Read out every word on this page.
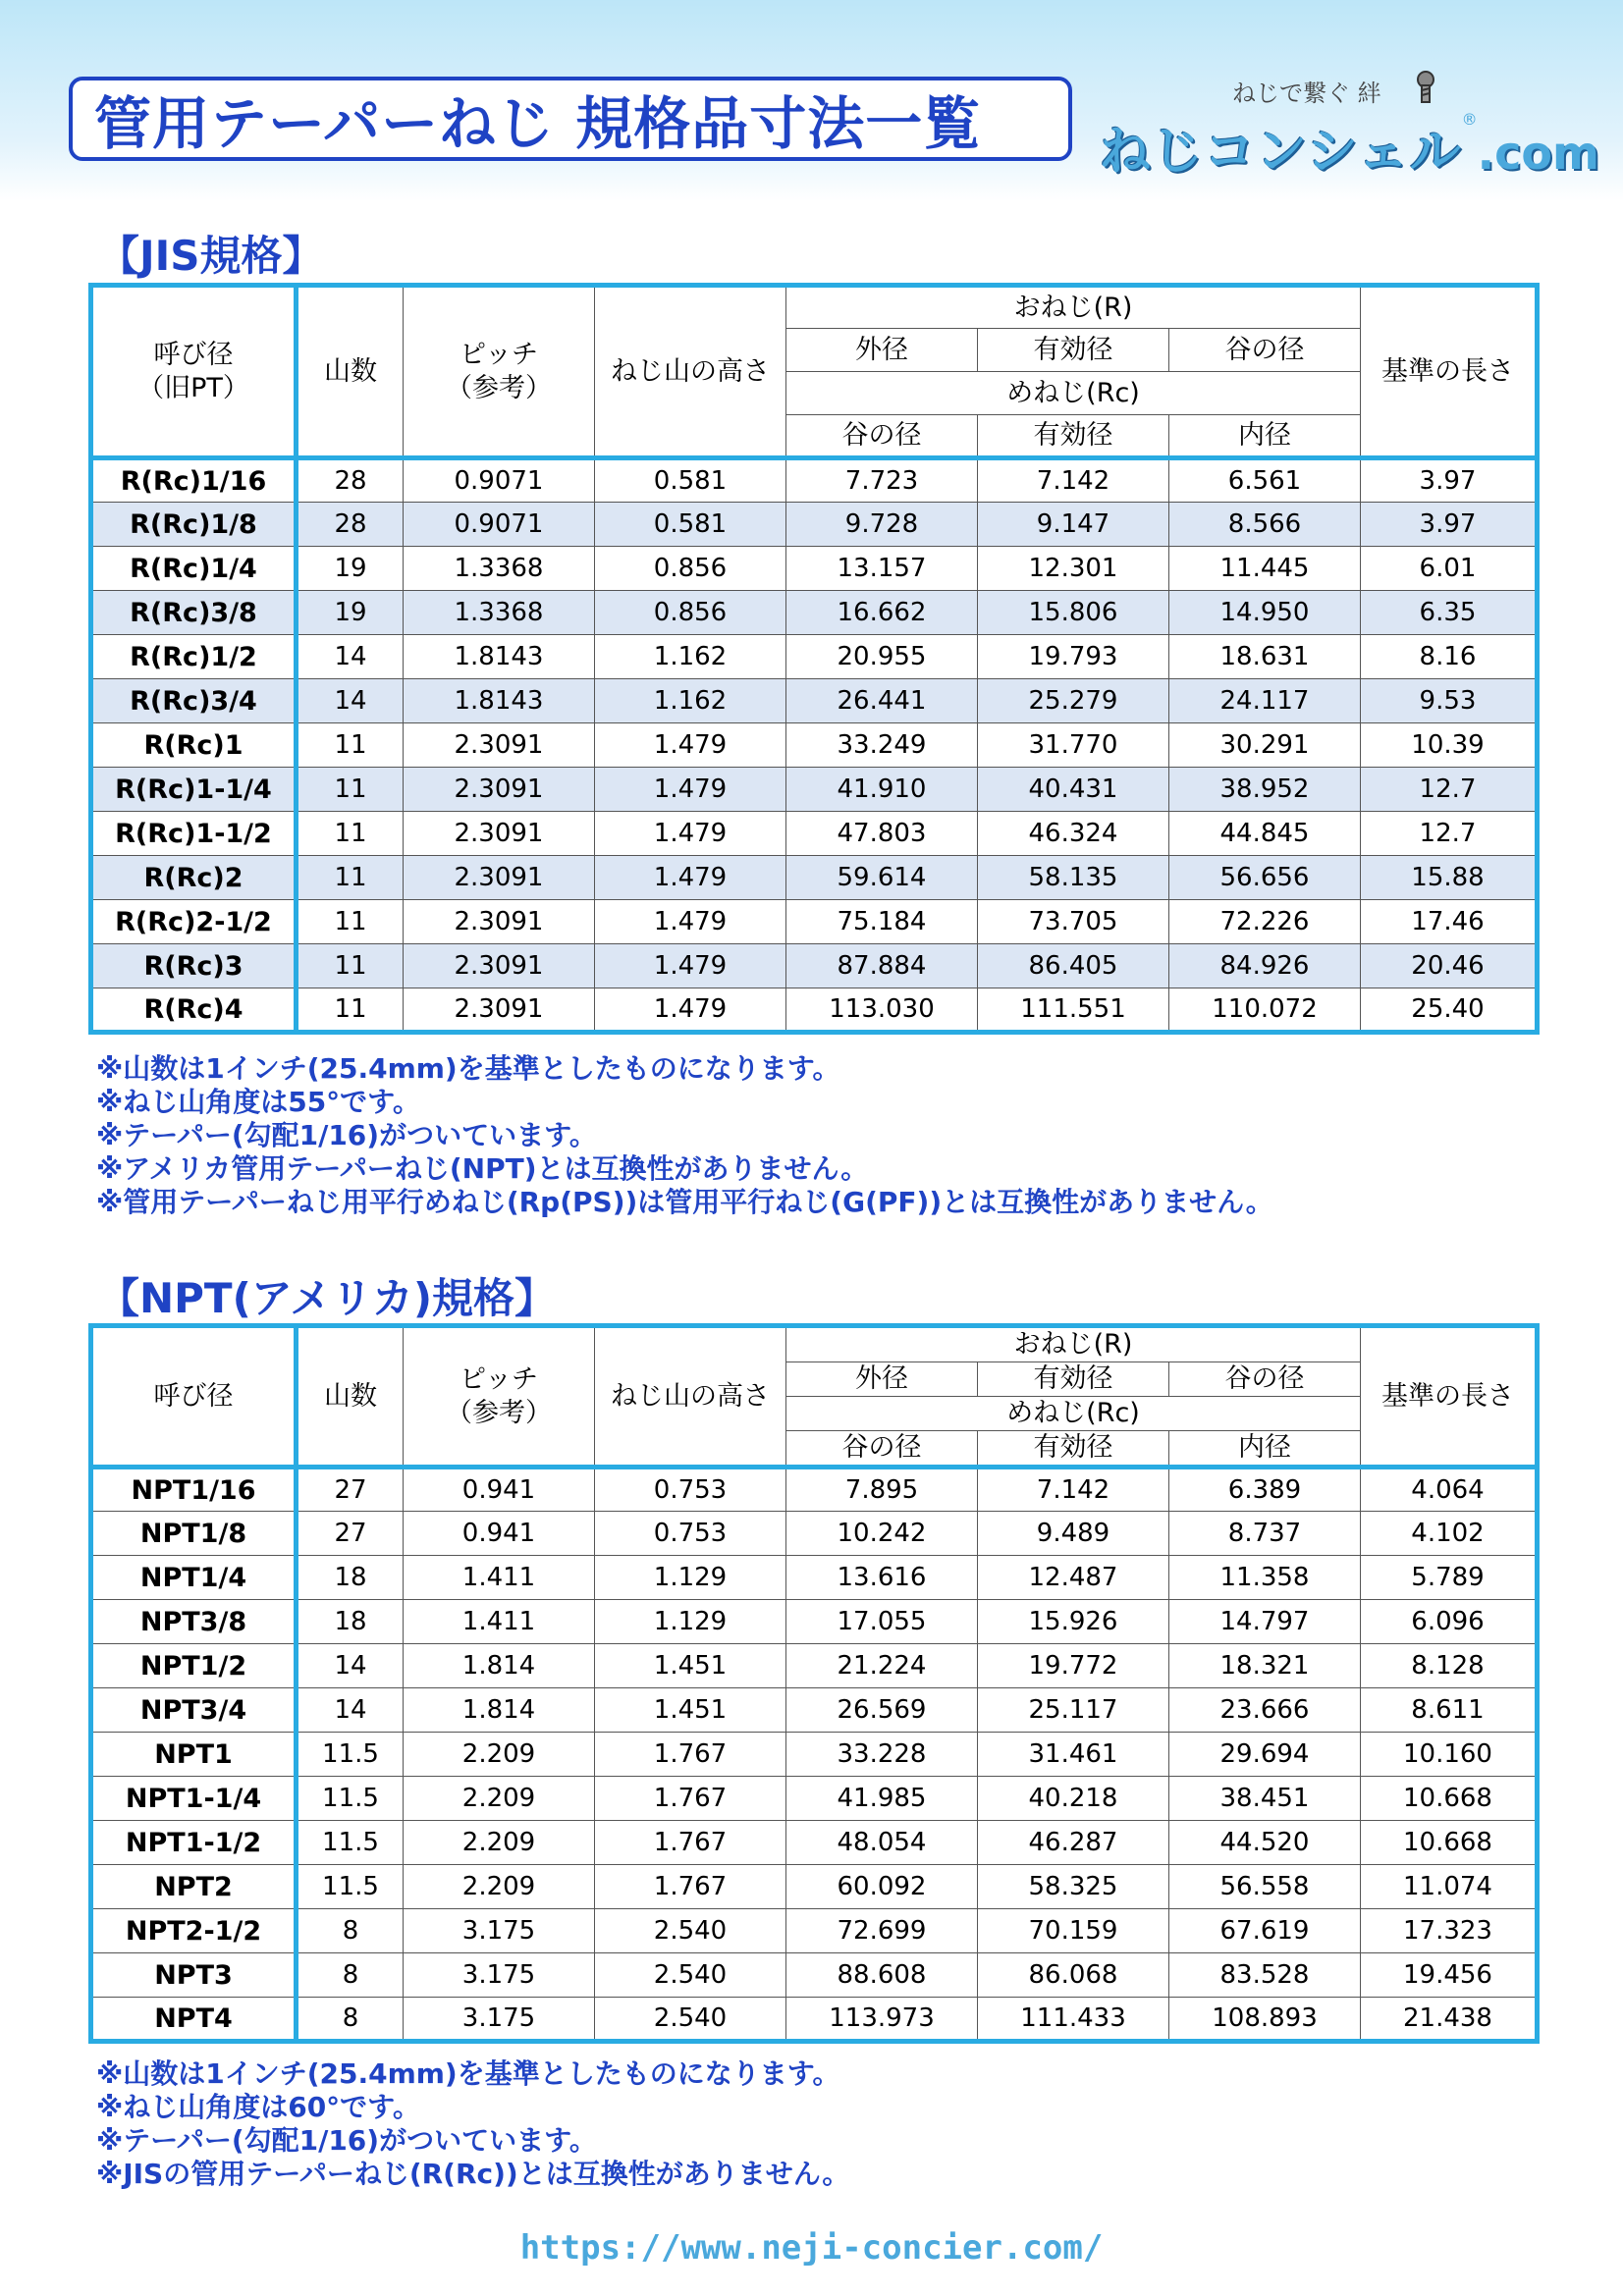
管用テーパーねじ 規格品寸法一覧	ねじで繋ぐ 絆
ねじコンシェル®.com
【JIS規格】
呼び径
（旧PT）	山数	ピッチ
（参考）	ねじ山の高さ	おねじ(R)			基準の長さ
				外径	有効径	谷の径	
				めねじ(Rc)			
				谷の径	有効径	内径	
R(Rc)1/16	28	0.9071	0.581	7.723	7.142	6.561	3.97
R(Rc)1/8	28	0.9071	0.581	9.728	9.147	8.566	3.97
R(Rc)1/4	19	1.3368	0.856	13.157	12.301	11.445	6.01
R(Rc)3/8	19	1.3368	0.856	16.662	15.806	14.950	6.35
R(Rc)1/2	14	1.8143	1.162	20.955	19.793	18.631	8.16
R(Rc)3/4	14	1.8143	1.162	26.441	25.279	24.117	9.53
R(Rc)1	11	2.3091	1.479	33.249	31.770	30.291	10.39
R(Rc)1-1/4	11	2.3091	1.479	41.910	40.431	38.952	12.7
R(Rc)1-1/2	11	2.3091	1.479	47.803	46.324	44.845	12.7
R(Rc)2	11	2.3091	1.479	59.614	58.135	56.656	15.88
R(Rc)2-1/2	11	2.3091	1.479	75.184	73.705	72.226	17.46
R(Rc)3	11	2.3091	1.479	87.884	86.405	84.926	20.46
R(Rc)4	11	2.3091	1.479	113.030	111.551	110.072	25.40
※山数は1インチ(25.4mm)を基準としたものになります。
※ねじ山角度は55°です。
※テーパー(勾配1/16)がついています。
※アメリカ管用テーパーねじ(NPT)とは互換性がありません。
※管用テーパーねじ用平行めねじ(Rp(PS))は管用平行ねじ(G(PF))とは互換性がありません。
【NPT(アメリカ)規格】
呼び径	山数	ピッチ
（参考）	ねじ山の高さ	おねじ(R)			基準の長さ
				外径	有効径	谷の径	
				めねじ(Rc)			
				谷の径	有効径	内径	
NPT1/16	27	0.941	0.753	7.895	7.142	6.389	4.064
NPT1/8	27	0.941	0.753	10.242	9.489	8.737	4.102
NPT1/4	18	1.411	1.129	13.616	12.487	11.358	5.789
NPT3/8	18	1.411	1.129	17.055	15.926	14.797	6.096
NPT1/2	14	1.814	1.451	21.224	19.772	18.321	8.128
NPT3/4	14	1.814	1.451	26.569	25.117	23.666	8.611
NPT1	11.5	2.209	1.767	33.228	31.461	29.694	10.160
NPT1-1/4	11.5	2.209	1.767	41.985	40.218	38.451	10.668
NPT1-1/2	11.5	2.209	1.767	48.054	46.287	44.520	10.668
NPT2	11.5	2.209	1.767	60.092	58.325	56.558	11.074
NPT2-1/2	8	3.175	2.540	72.699	70.159	67.619	17.323
NPT3	8	3.175	2.540	88.608	86.068	83.528	19.456
NPT4	8	3.175	2.540	113.973	111.433	108.893	21.438
※山数は1インチ(25.4mm)を基準としたものになります。
※ねじ山角度は60°です。
※テーパー(勾配1/16)がついています。
※JISの管用テーパーねじ(R(Rc))とは互換性がありません。
https://www.neji-concier.com/
